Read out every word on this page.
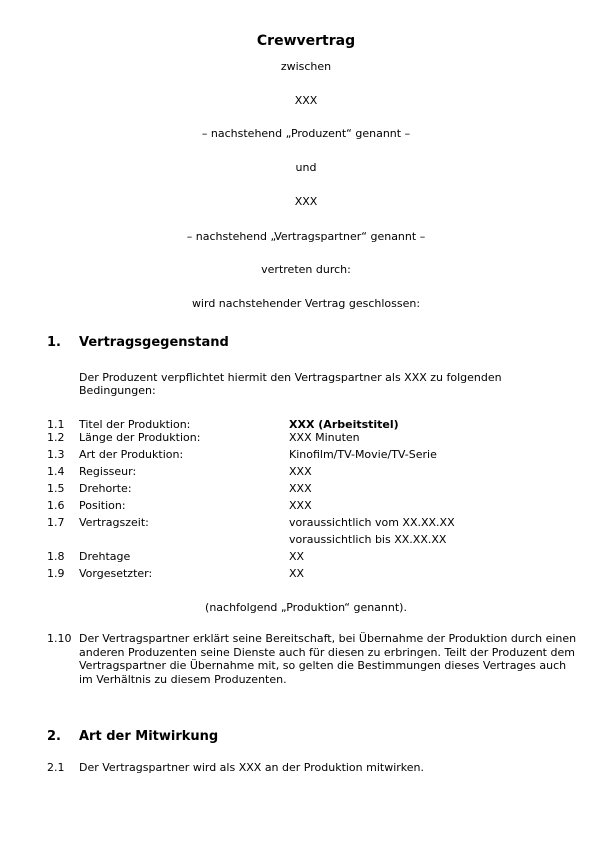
Crewvertrag
zwischen
XXX
– nachstehend „Produzent“ genannt –
und
XXX
– nachstehend „Vertragspartner“ genannt –
vertreten durch:
wird nachstehender Vertrag geschlossen:
1. Vertragsgegenstand
Der Produzent verpflichtet hiermit den Vertragspartner als XXX zu folgenden Bedingungen:
1.1 Titel der Produktion:	XXX (Arbeitstitel)
1.2 Länge der Produktion:	XXX Minuten
1.3 Art der Produktion:	Kinofilm/TV-Movie/TV-Serie
1.4 Regisseur:	XXX
1.5 Drehorte:	XXX
1.6 Position:	XXX
1.7 Vertragszeit:	voraussichtlich vom XX.XX.XX
voraussichtlich bis XX.XX.XX
1.8 Drehtage	XX
1.9 Vorgesetzter:	XX
(nachfolgend „Produktion“ genannt).
1.10 Der Vertragspartner erklärt seine Bereitschaft, bei Übernahme der Produktion durch einen anderen Produzenten seine Dienste auch für diesen zu erbringen. Teilt der Produzent dem Vertragspartner die Übernahme mit, so gelten die Bestimmungen dieses Vertrages auch im Verhältnis zu diesem Produzenten.
2. Art der Mitwirkung
2.1 Der Vertragspartner wird als XXX an der Produktion mitwirken.
